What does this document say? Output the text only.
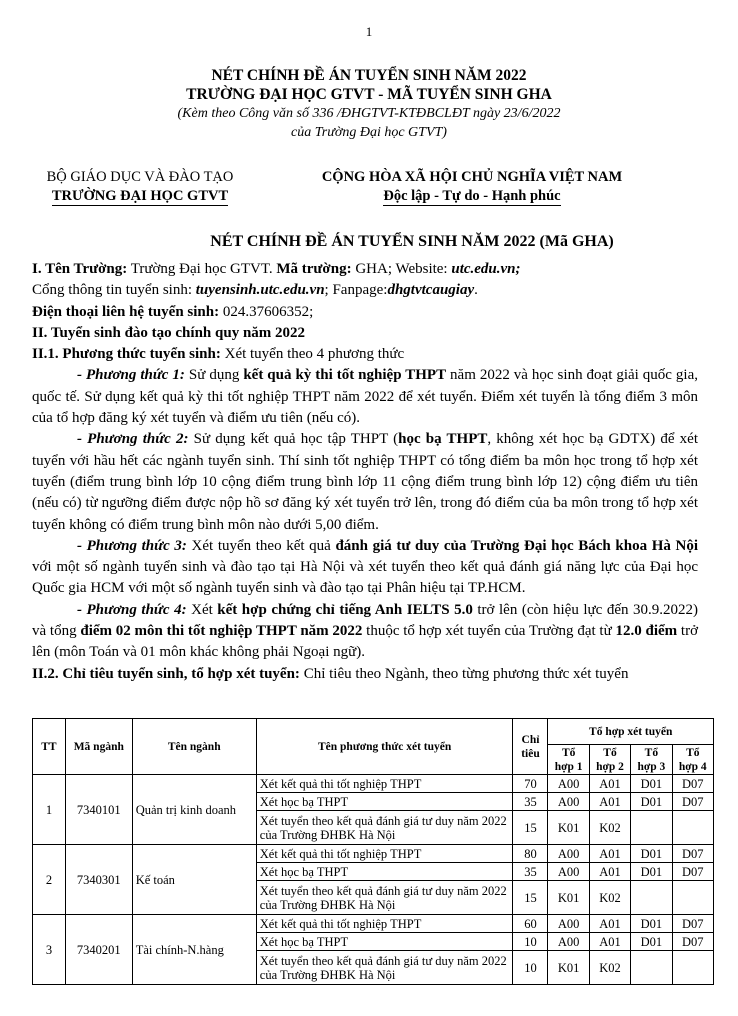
1
NÉT CHÍNH ĐỀ ÁN TUYỂN SINH NĂM 2022
TRƯỜNG ĐẠI HỌC GTVT - MÃ TUYỂN SINH GHA
(Kèm theo Công văn số 336 /ĐHGTVT-KTĐBCLĐT ngày 23/6/2022
của Trường Đại học GTVT)
BỘ GIÁO DỤC VÀ ĐÀO TẠO
TRƯỜNG ĐẠI HỌC GTVT
CỘNG HÒA XÃ HỘI CHỦ NGHĨA VIỆT NAM
Độc lập - Tự do - Hạnh phúc
NÉT CHÍNH ĐỀ ÁN TUYỂN SINH NĂM 2022 (Mã GHA)

I. Tên Trường: Trường Đại học GTVT. Mã trường: GHA; Website: utc.edu.vn;

Cổng thông tin tuyển sinh: tuyensinh.utc.edu.vn; Fanpage:dhgtvtcaugiay.

Điện thoại liên hệ tuyển sinh: 024.37606352;

II. Tuyển sinh đào tạo chính quy năm 2022

II.1. Phương thức tuyển sinh: Xét tuyển theo 4 phương thức

- Phương thức 1: Sử dụng kết quả kỳ thi tốt nghiệp THPT năm 2022 và học sinh đoạt giải quốc gia, quốc tế. Sử dụng kết quả kỳ thi tốt nghiệp THPT năm 2022 để xét tuyển. Điểm xét tuyển là tổng điểm 3 môn của tổ hợp đăng ký xét tuyển và điểm ưu tiên (nếu có).

- Phương thức 2: Sử dụng kết quả học tập THPT (học bạ THPT, không xét học bạ GDTX) để xét tuyển với hầu hết các ngành tuyển sinh. Thí sinh tốt nghiệp THPT có tổng điểm ba môn học trong tổ hợp xét tuyển (điểm trung bình lớp 10 cộng điểm trung bình lớp 11 cộng điểm trung bình lớp 12) cộng điểm ưu tiên (nếu có) từ ngưỡng điểm được nộp hồ sơ đăng ký xét tuyển trở lên, trong đó điểm của ba môn trong tổ hợp xét tuyển không có điểm trung bình môn nào dưới 5,00 điểm.

- Phương thức 3: Xét tuyển theo kết quả đánh giá tư duy của Trường Đại học Bách khoa Hà Nội với một số ngành tuyển sinh và đào tạo tại Hà Nội và xét tuyển theo kết quả đánh giá năng lực của Đại học Quốc gia HCM với một số ngành tuyển sinh và đào tạo tại Phân hiệu tại TP.HCM.

- Phương thức 4: Xét kết hợp chứng chỉ tiếng Anh IELTS 5.0 trở lên (còn hiệu lực đến 30.9.2022) và tổng điểm 02 môn thi tốt nghiệp THPT năm 2022 thuộc tổ hợp xét tuyển của Trường đạt từ 12.0 điểm trở lên (môn Toán và 01 môn khác không phải Ngoại ngữ).

II.2. Chỉ tiêu tuyển sinh, tổ hợp xét tuyển: Chỉ tiêu theo Ngành, theo từng phương thức xét tuyển

TT	Mã ngành	Tên ngành	Tên phương thức xét tuyển	Chỉ tiêu	Tổ hợp xét tuyển			
					Tổ hợp 1	Tổ hợp 2	Tổ hợp 3	Tổ hợp 4
1	7340101	Quản trị kinh doanh	Xét kết quả thi tốt nghiệp THPT	70	A00	A01	D01	D07
			Xét học bạ THPT	35	A00	A01	D01	D07
			Xét tuyển theo kết quả đánh giá tư duy năm 2022 của Trường ĐHBK Hà Nội	15	K01	K02		
2	7340301	Kế toán	Xét kết quả thi tốt nghiệp THPT	80	A00	A01	D01	D07
			Xét học bạ THPT	35	A00	A01	D01	D07
			Xét tuyển theo kết quả đánh giá tư duy năm 2022 của Trường ĐHBK Hà Nội	15	K01	K02		
3	7340201	Tài chính-N.hàng	Xét kết quả thi tốt nghiệp THPT	60	A00	A01	D01	D07
			Xét học bạ THPT	10	A00	A01	D01	D07
			Xét tuyển theo kết quả đánh giá tư duy năm 2022 của Trường ĐHBK Hà Nội	10	K01	K02		
